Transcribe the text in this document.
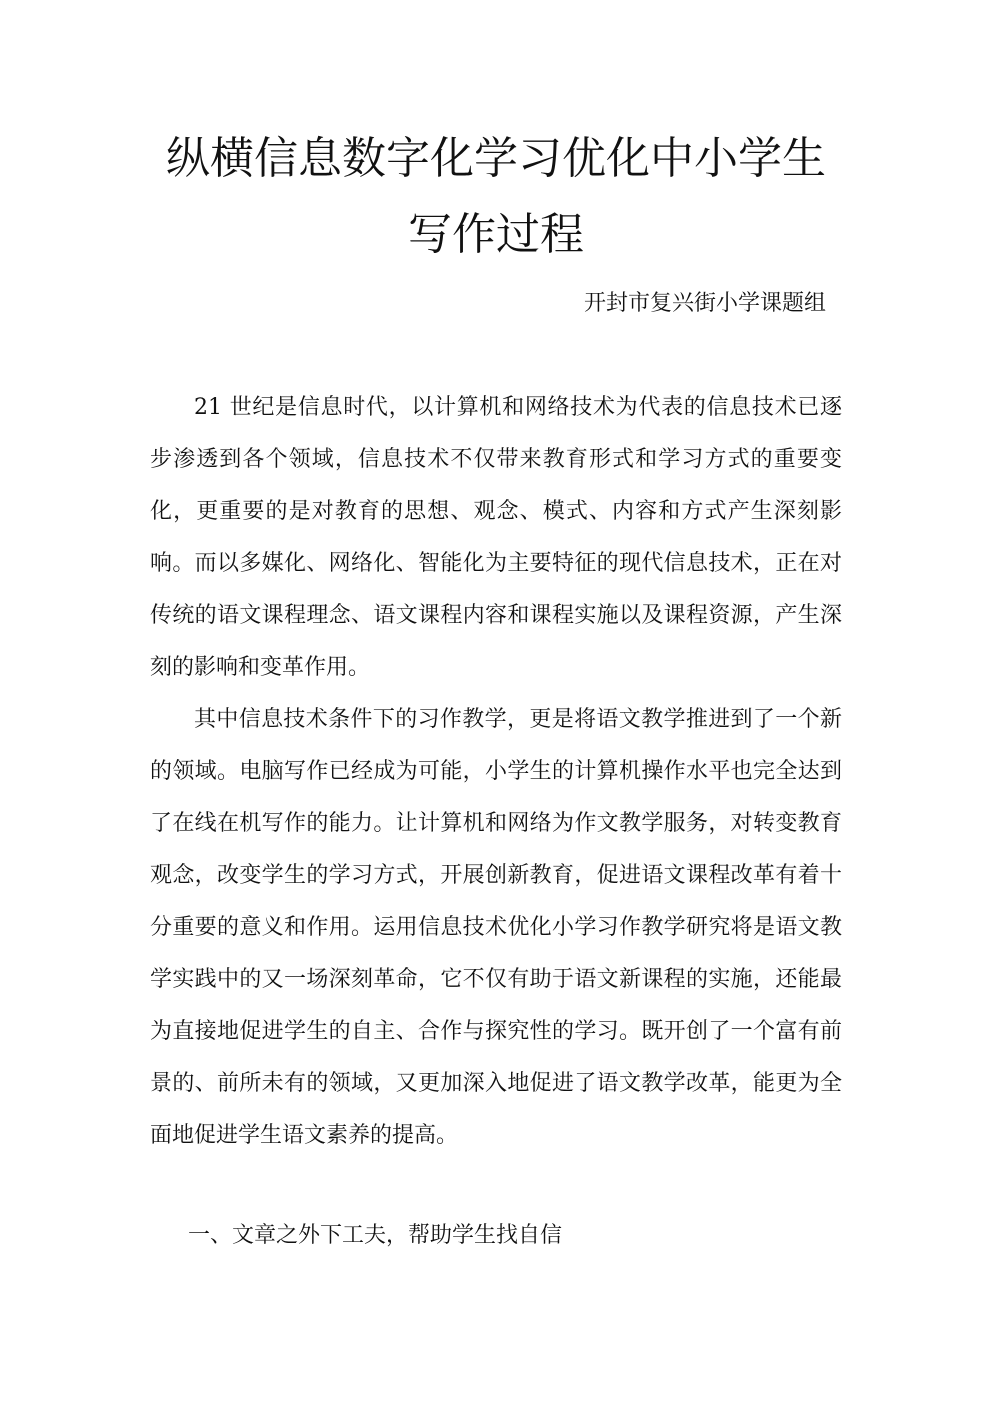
纵横信息数字化学习优化中小学生
写作过程

开封市复兴街小学课题组

21 世纪是信息时代，以计算机和网络技术为代表的信息技术已逐步渗透到各个领域，信息技术不仅带来教育形式和学习方式的重要变化，更重要的是对教育的思想、观念、模式、内容和方式产生深刻影响。而以多媒化、网络化、智能化为主要特征的现代信息技术，正在对传统的语文课程理念、语文课程内容和课程实施以及课程资源，产生深刻的影响和变革作用。

其中信息技术条件下的习作教学，更是将语文教学推进到了一个新的领域。电脑写作已经成为可能，小学生的计算机操作水平也完全达到了在线在机写作的能力。让计算机和网络为作文教学服务，对转变教育观念，改变学生的学习方式，开展创新教育，促进语文课程改革有着十分重要的意义和作用。运用信息技术优化小学习作教学研究将是语文教学实践中的又一场深刻革命，它不仅有助于语文新课程的实施，还能最为直接地促进学生的自主、合作与探究性的学习。既开创了一个富有前景的、前所未有的领域，又更加深入地促进了语文教学改革，能更为全面地促进学生语文素养的提高。

一、文章之外下工夫，帮助学生找自信
